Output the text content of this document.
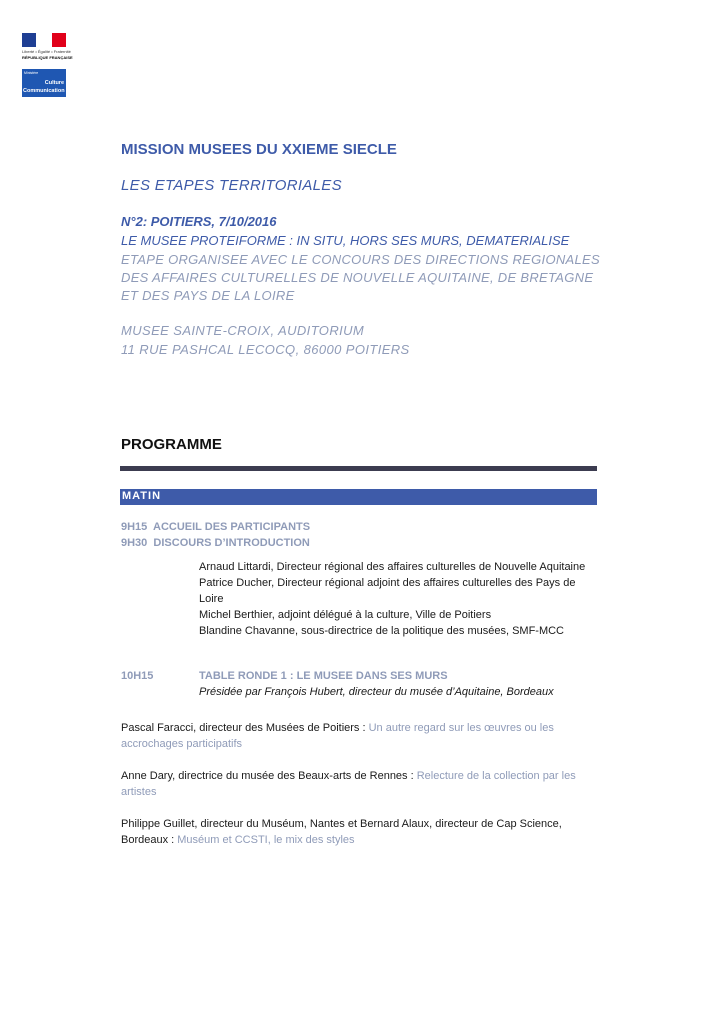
Liberté • Égalité • Fraternité
RÉPUBLIQUE FRANÇAISE
Ministère
Culture
Communication
MISSION MUSEES DU XXIEME SIECLE
LES ETAPES TERRITORIALES
N°2: POITIERS, 7/10/2016
LE MUSEE PROTEIFORME : IN SITU, HORS SES MURS, DEMATERIALISE
ETAPE ORGANISEE AVEC LE CONCOURS DES DIRECTIONS REGIONALES DES AFFAIRES CULTURELLES DE NOUVELLE AQUITAINE, DE BRETAGNE ET DES PAYS DE LA LOIRE
MUSEE SAINTE-CROIX, AUDITORIUM
11 RUE PASHCAL LECOCQ, 86000 POITIERS
PROGRAMME
MATIN
9H15 ACCUEIL DES PARTICIPANTS
9H30 DISCOURS D’INTRODUCTION
Arnaud Littardi, Directeur régional des affaires culturelles de Nouvelle Aquitaine
Patrice Ducher, Directeur régional adjoint des affaires culturelles des Pays de Loire
Michel Berthier, adjoint délégué à la culture, Ville de Poitiers
Blandine Chavanne, sous-directrice de la politique des musées, SMF-MCC
10H15	TABLE RONDE 1 : LE MUSEE DANS SES MURS
Présidée par François Hubert, directeur du musée d’Aquitaine, Bordeaux
Pascal Faracci, directeur des Musées de Poitiers : Un autre regard sur les œuvres ou les accrochages participatifs
Anne Dary, directrice du musée des Beaux-arts de Rennes : Relecture de la collection par les artistes
Philippe Guillet, directeur du Muséum, Nantes et Bernard Alaux, directeur de Cap Science, Bordeaux : Muséum et CCSTI, le mix des styles
